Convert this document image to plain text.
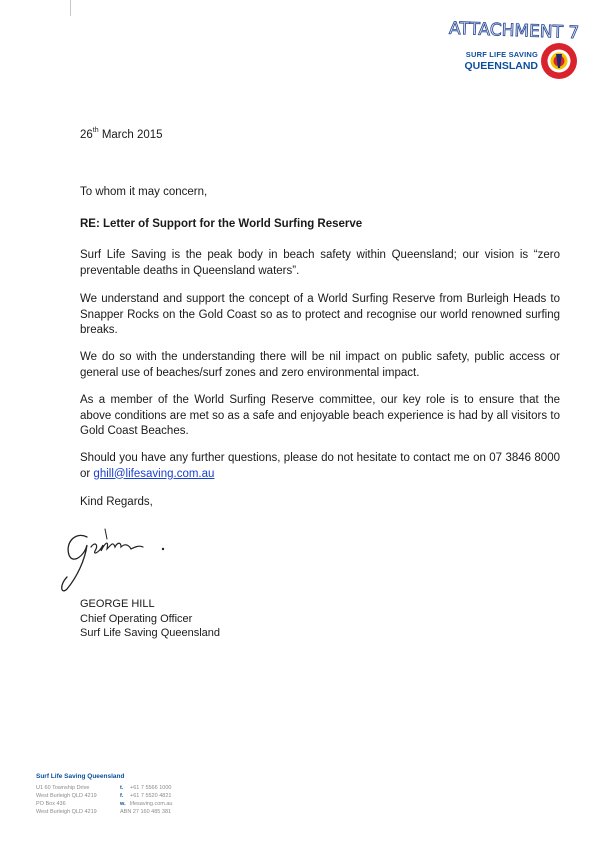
ATTACHMENT 7
SURF LIFE SAVING
QUEENSLAND
26th March 2015
To whom it may concern,
RE: Letter of Support for the World Surfing Reserve

Surf Life Saving is the peak body in beach safety within Queensland; our vision is “zero preventable deaths in Queensland waters”.

We understand and support the concept of a World Surfing Reserve from Burleigh Heads to Snapper Rocks on the Gold Coast so as to protect and recognise our world renowned surfing breaks.

We do so with the understanding there will be nil impact on public safety, public access or general use of beaches/surf zones and zero environmental impact.

As a member of the World Surfing Reserve committee, our key role is to ensure that the above conditions are met so as a safe and enjoyable beach experience is had by all visitors to Gold Coast Beaches.

Should you have any further questions, please do not hesitate to contact me on 07 3846 8000 or ghill@lifesaving.com.au

Kind Regards,
GEORGE HILL
Chief Operating Officer
Surf Life Saving Queensland
Surf Life Saving Queensland
U1 60 Township Drive
West Burleigh QLD 4219
PO Box 436
West Burleigh QLD 4219
t. +61 7 5566 1000
f. +61 7 5520 4821
w. lifesaving.com.au
ABN 27 160 485 381
